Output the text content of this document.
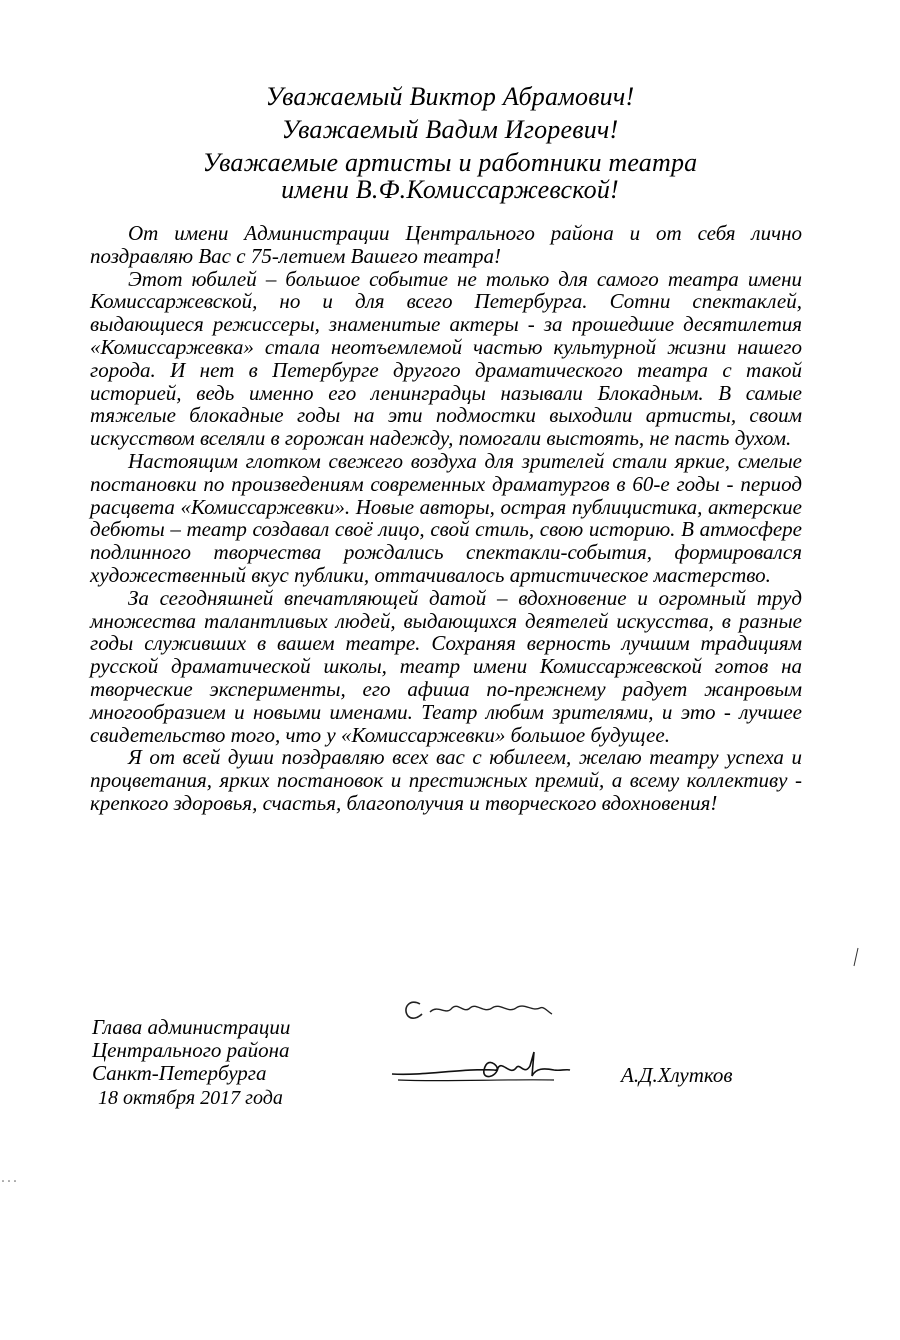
Уважаемый Виктор Абрамович!
Уважаемый Вадим Игоревич!
Уважаемые артисты и работники театра
имени В.Ф.Комиссаржевской!

От имени Администрации Центрального района и от себя лично поздравляю Вас с 75-летием Вашего театра!

Этот юбилей – большое событие не только для самого театра имени Комиссаржевской, но и для всего Петербурга. Сотни спектаклей, выдающиеся режиссеры, знаменитые актеры - за прошедшие десятилетия «Комиссаржевка» стала неотъемлемой частью культурной жизни нашего города. И нет в Петербурге другого драматического театра с такой историей, ведь именно его ленинградцы называли Блокадным. В самые тяжелые блокадные годы на эти подмостки выходили артисты, своим искусством вселяли в горожан надежду, помогали выстоять, не пасть духом.

Настоящим глотком свежего воздуха для зрителей стали яркие, смелые постановки по произведениям современных драматургов в 60-е годы - период расцвета «Комиссаржевки». Новые авторы, острая публицистика, актерские дебюты – театр создавал своё лицо, свой стиль, свою историю. В атмосфере подлинного творчества рождались спектакли-события, формировался художественный вкус публики, оттачивалось артистическое мастерство.

За сегодняшней впечатляющей датой – вдохновение и огромный труд множества талантливых людей, выдающихся деятелей искусства, в разные годы служивших в вашем театре. Сохраняя верность лучшим традициям русской драматической школы, театр имени Комиссаржевской готов на творческие эксперименты, его афиша по-прежнему радует жанровым многообразием и новыми именами. Театр любим зрителями, и это - лучшее свидетельство того, что у «Комиссаржевки» большое будущее.

Я от всей души поздравляю всех вас с юбилеем, желаю театру успеха и процветания, ярких постановок и престижных премий, а всему коллективу - крепкого здоровья, счастья, благополучия и творческого вдохновения!

Глава администрации
Центрального района
Санкт-Петербурга
18 октября 2017 года
А.Д.Хлутков
